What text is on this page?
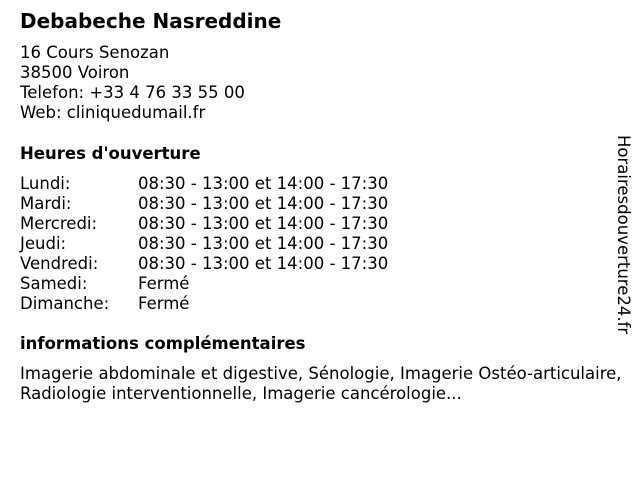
Debabeche Nasreddine
16 Cours Senozan
38500 Voiron
Telefon: +33 4 76 33 55 00
Web: cliniquedumail.fr
Heures d'ouverture
Lundi:	08:30 - 13:00 et 14:00 - 17:30
Mardi:	08:30 - 13:00 et 14:00 - 17:30
Mercredi: 08:30 - 13:00 et 14:00 - 17:30
Jeudi:	08:30 - 13:00 et 14:00 - 17:30
Vendredi: 08:30 - 13:00 et 14:00 - 17:30
Samedi:	Fermé
Dimanche: Fermé
informations complémentaires
Imagerie abdominale et digestive, Sénologie, Imagerie Ostéo-articulaire, Radiologie interventionnelle, Imagerie cancérologie...
Horairesdouverture24.fr
